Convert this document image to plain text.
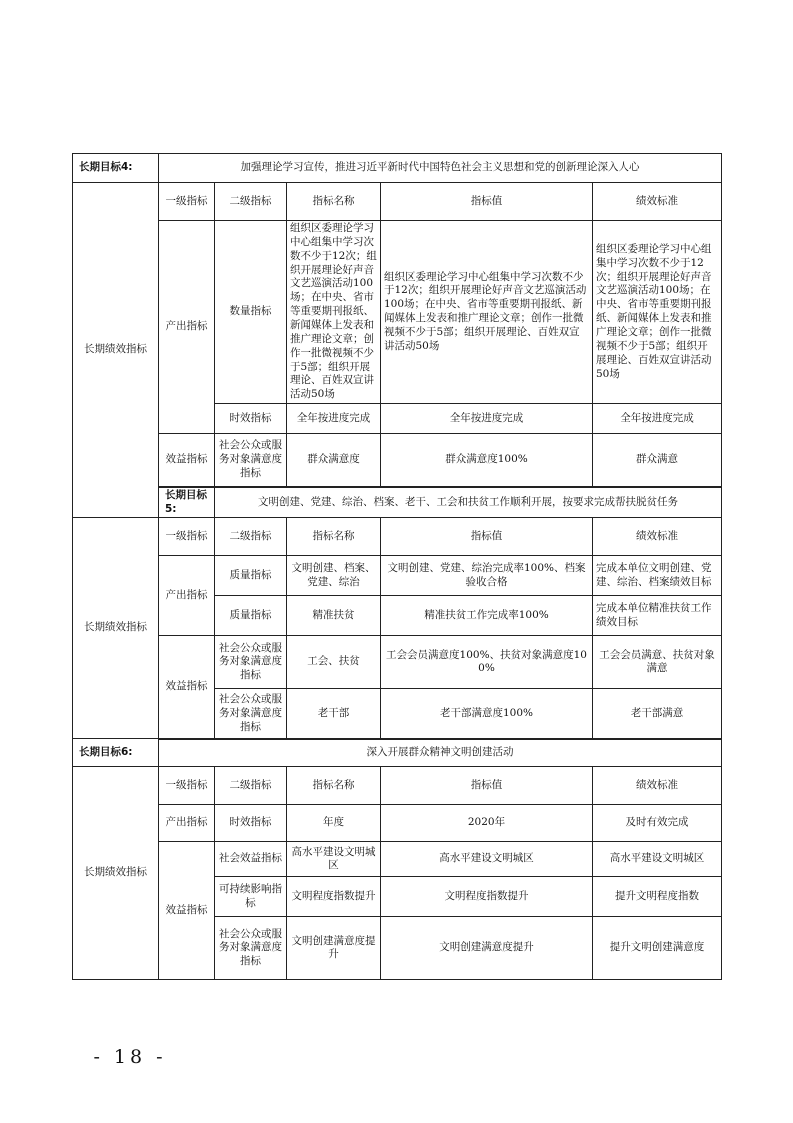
长期目标4:	加强理论学习宣传，推进习近平新时代中国特色社会主义思想和党的创新理论深入人心				
长期绩效指标	一级指标	二级指标	指标名称	指标值	绩效标准
	产出指标	数量指标	组织区委理论学习中心组集中学习次数不少于12次；组织开展理论好声音文艺巡演活动100场；在中央、省市等重要期刊报纸、新闻媒体上发表和推广理论文章；创作一批微视频不少于5部；组织开展理论、百姓双宣讲活动50场	组织区委理论学习中心组集中学习次数不少于12次；组织开展理论好声音文艺巡演活动100场；在中央、省市等重要期刊报纸、新闻媒体上发表和推广理论文章；创作一批微视频不少于5部；组织开展理论、百姓双宣讲活动50场	组织区委理论学习中心组集中学习次数不少于12次；组织开展理论好声音文艺巡演活动100场；在中央、省市等重要期刊报纸、新闻媒体上发表和推广理论文章；创作一批微视频不少于5部；组织开展理论、百姓双宣讲活动50场
		时效指标	全年按进度完成	全年按进度完成	全年按进度完成
	效益指标	社会公众或服务对象满意度指标	群众满意度	群众满意度100%	群众满意
	长期目标5:	文明创建、党建、综治、档案、老干、工会和扶贫工作顺利开展，按要求完成帮扶脱贫任务			
长期绩效指标	一级指标	二级指标	指标名称	指标值	绩效标准
	产出指标	质量指标	文明创建、档案、党建、综治	文明创建、党建、综治完成率100%、档案验收合格	完成本单位文明创建、党建、综治、档案绩效目标
		质量指标	精准扶贫	精准扶贫工作完成率100%	完成本单位精准扶贫工作绩效目标
	效益指标	社会公众或服务对象满意度指标	工会、扶贫	工会会员满意度100%、扶贫对象满意度100%	工会会员满意、扶贫对象满意
		社会公众或服务对象满意度指标	老干部	老干部满意度100%	老干部满意
长期目标6:	深入开展群众精神文明创建活动				
长期绩效指标	一级指标	二级指标	指标名称	指标值	绩效标准
	产出指标	时效指标	年度	2020年	及时有效完成
	效益指标	社会效益指标	高水平建设文明城区	高水平建设文明城区	高水平建设文明城区
		可持续影响指标	文明程度指数提升	文明程度指数提升	提升文明程度指数
		社会公众或服务对象满意度指标	文明创建满意度提升	文明创建满意度提升	提升文明创建满意度
- 18 -
